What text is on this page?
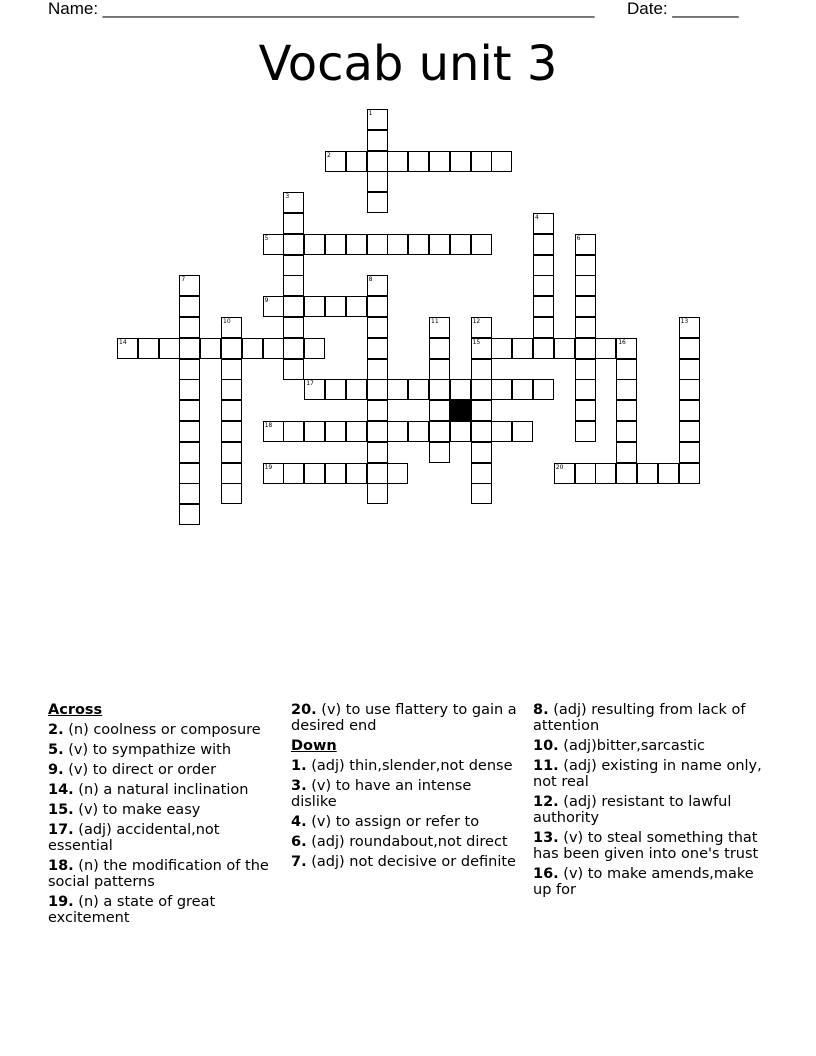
Name: ____________________________________________________ Date: _______
Vocab unit 3
1
2
3
5
4
6
7	8
9
10	11	12
15
13
14	16
17
18
19	20
Across
2. (n) coolness or composure
5. (v) to sympathize with
9. (v) to direct or order
14. (n) a natural inclination
15. (v) to make easy
17. (adj) accidental,not essential
18. (n) the modification of the social patterns
19. (n) a state of great excitement
20. (v) to use flattery to gain a desired end
Down
1. (adj) thin,slender,not dense
3. (v) to have an intense dislike
4. (v) to assign or refer to
6. (adj) roundabout,not direct
7. (adj) not decisive or definite
8. (adj) resulting from lack of attention
10. (adj)bitter,sarcastic
11. (adj) existing in name only, not real
12. (adj) resistant to lawful authority
13. (v) to steal something that has been given into one's trust
16. (v) to make amends,make up for
